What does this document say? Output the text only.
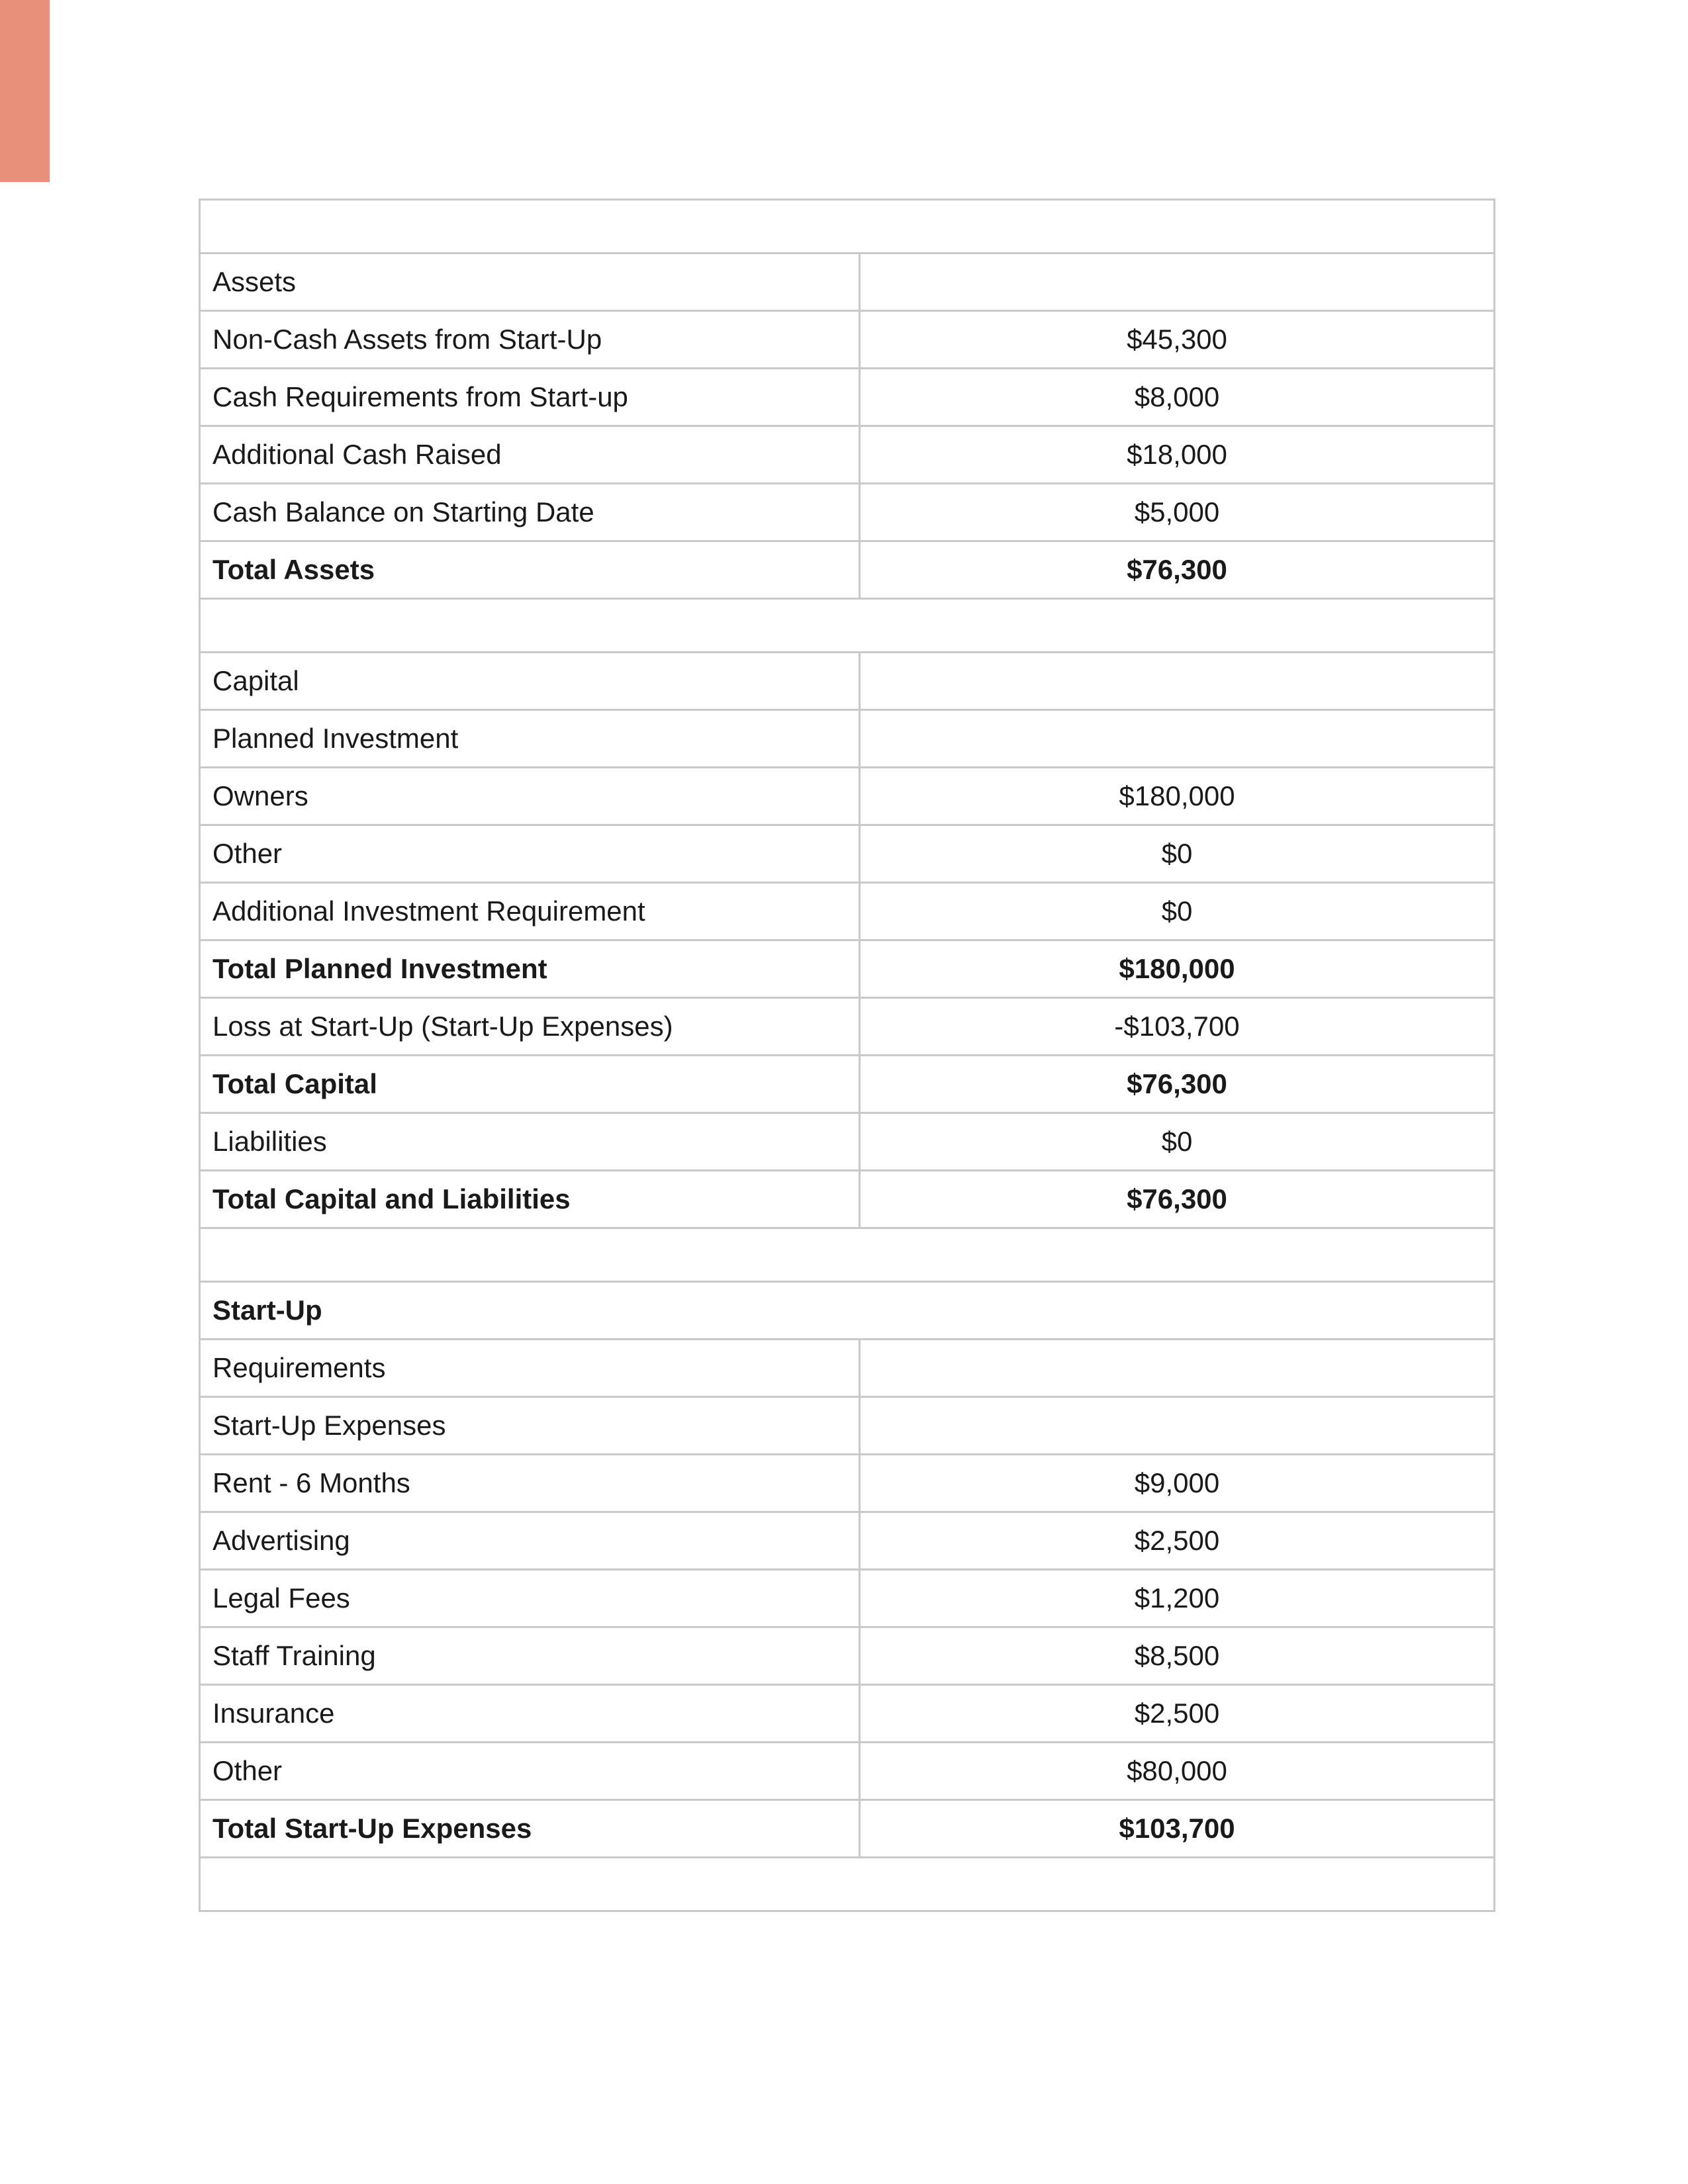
Assets	
Non-Cash Assets from Start-Up	$45,300
Cash Requirements from Start-up	$8,000
Additional Cash Raised	$18,000
Cash Balance on Starting Date	$5,000
Total Assets	$76,300

Capital	
Planned Investment	
Owners	$180,000
Other	$0
Additional Investment Requirement	$0
Total Planned Investment	$180,000
Loss at Start-Up (Start-Up Expenses)	-$103,700
Total Capital	$76,300
Liabilities	$0
Total Capital and Liabilities	$76,300

Start-Up	
Requirements	
Start-Up Expenses	
Rent - 6 Months	$9,000
Advertising	$2,500
Legal Fees	$1,200
Staff Training	$8,500
Insurance	$2,500
Other	$80,000
Total Start-Up Expenses	$103,700
